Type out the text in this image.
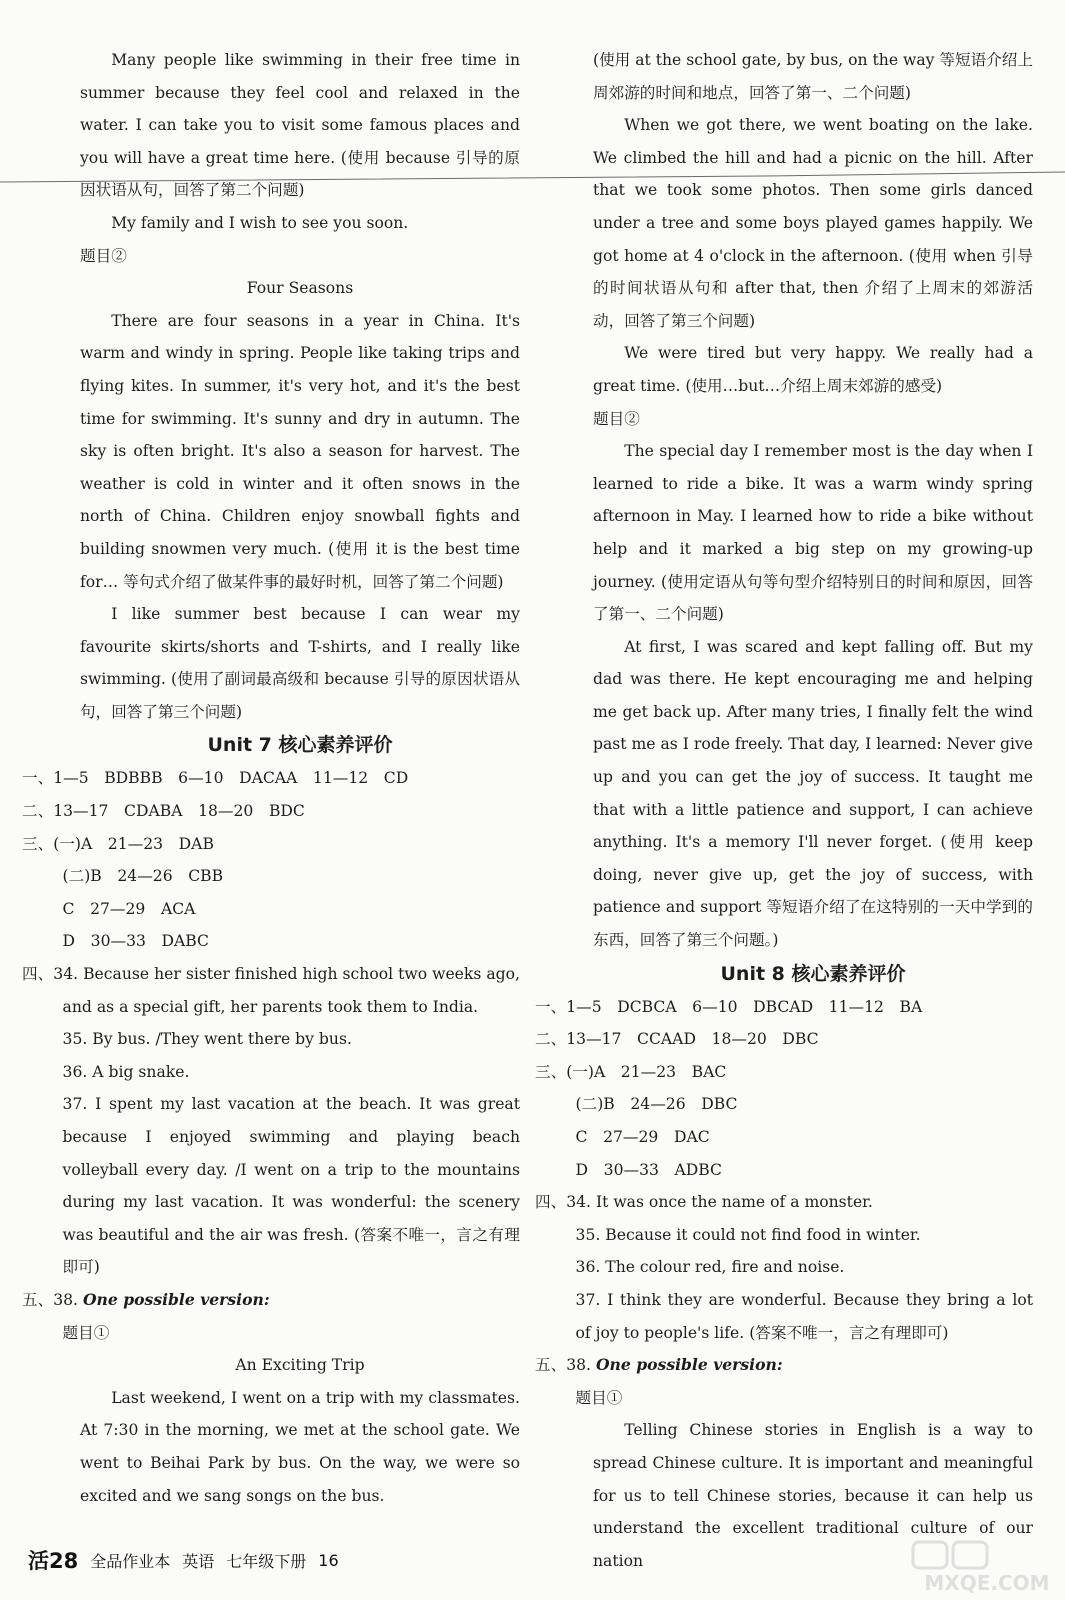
Many people like swimming in their free time in summer because they feel cool and relaxed in the water. I can take you to visit some famous places and you will have a great time here. (使用 because 引导的原因状语从句，回答了第二个问题)

My family and I wish to see you soon.

题目②

Four Seasons

There are four seasons in a year in China. It's warm and windy in spring. People like taking trips and flying kites. In summer, it's very hot, and it's the best time for swimming. It's sunny and dry in autumn. The sky is often bright. It's also a season for harvest. The weather is cold in winter and it often snows in the north of China. Children enjoy snowball fights and building snowmen very much. (使用 it is the best time for… 等句式介绍了做某件事的最好时机，回答了第二个问题)

I like summer best because I can wear my favourite skirts/shorts and T-shirts, and I really like swimming. (使用了副词最高级和 because 引导的原因状语从句，回答了第三个问题)

Unit 7 核心素养评价
一、1—5　BDBBB　6—10　DACAA　11—12　CD
二、13—17　CDABA　18—20　BDC
三、(一)A　21—23　DAB
(二)B　24—26　CBB
C　27—29　ACA
D　30—33　DABC

四、34. Because her sister finished high school two weeks ago, and as a special gift, her parents took them to India.

35. By bus. /They went there by bus.

36. A big snake.

37. I spent my last vacation at the beach. It was great because I enjoyed swimming and playing beach volleyball every day. /I went on a trip to the mountains during my last vacation. It was wonderful: the scenery was beautiful and the air was fresh. (答案不唯一，言之有理即可)

五、38. One possible version:

题目①

An Exciting Trip

Last weekend, I went on a trip with my classmates. At 7:30 in the morning, we met at the school gate. We went to Beihai Park by bus. On the way, we were so excited and we sang songs on the bus.

(使用 at the school gate, by bus, on the way 等短语介绍上周郊游的时间和地点，回答了第一、二个问题)

When we got there, we went boating on the lake. We climbed the hill and had a picnic on the hill. After that we took some photos. Then some girls danced under a tree and some boys played games happily. We got home at 4 o'clock in the afternoon. (使用 when 引导的时间状语从句和 after that, then 介绍了上周末的郊游活动，回答了第三个问题)

We were tired but very happy. We really had a great time. (使用…but…介绍上周末郊游的感受)

题目②

The special day I remember most is the day when I learned to ride a bike. It was a warm windy spring afternoon in May. I learned how to ride a bike without help and it marked a big step on my growing-up journey. (使用定语从句等句型介绍特别日的时间和原因，回答了第一、二个问题)

At first, I was scared and kept falling off. But my dad was there. He kept encouraging me and helping me get back up. After many tries, I finally felt the wind past me as I rode freely. That day, I learned: Never give up and you can get the joy of success. It taught me that with a little patience and support, I can achieve anything. It's a memory I'll never forget. (使用 keep doing, never give up, get the joy of success, with patience and support 等短语介绍了在这特别的一天中学到的东西，回答了第三个问题。)

Unit 8 核心素养评价
一、1—5　DCBCA　6—10　DBCAD　11—12　BA
二、13—17　CCAAD　18—20　DBC
三、(一)A　21—23　BAC
(二)B　24—26　DBC
C　27—29　DAC
D　30—33　ADBC

四、34. It was once the name of a monster.

35. Because it could not find food in winter.

36. The colour red, fire and noise.

37. I think they are wonderful. Because they bring a lot of joy to people's life. (答案不唯一，言之有理即可)

五、38. One possible version:

题目①

Telling Chinese stories in English is a way to spread Chinese culture. It is important and meaningful for us to tell Chinese stories, because it can help us understand the excellent traditional culture of our nation

活28 全品作业本 英语 七年级下册 16
MXQE.COM
